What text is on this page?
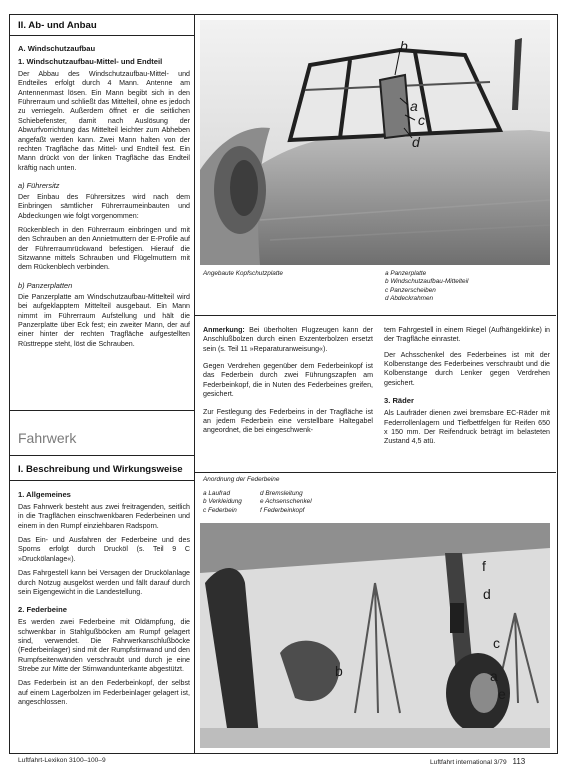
II. Ab- und Anbau
A. Windschutzaufbau
1. Windschutzaufbau-Mittel- und Endteil

Der Abbau des Windschutzaufbau-Mittel- und Endteiles erfolgt durch 4 Mann. Antenne am Antennenmast lösen. Ein Mann begibt sich in den Führerraum und schließt das Mittelteil, ohne es jedoch zu verriegeln. Außerdem öffnet er die seitlichen Schiebefenster, damit nach Auslösung der Abwurfvorrichtung das Mittelteil leichter zum Abheben angefaßt werden kann. Zwei Mann halten von der rechten Tragfläche das Mittel- und Endteil fest. Ein Mann drückt von der linken Tragfläche das Endteil kräftig nach unten.

a) Führersitz

Der Einbau des Führersitzes wird nach dem Einbringen sämtlicher Führerraumeinbauten und Abdeckungen wie folgt vorgenommen:

Rückenblech in den Führerraum einbringen und mit den Schrauben an den Annietmuttern der E-Profile auf der Führerraumrückwand befestigen. Hierauf die Sitzwanne mittels Schrauben und Flügelmuttern mit dem Rückenblech verbinden.

b) Panzerplatten

Die Panzerplatte am Windschutzaufbau-Mittelteil wird bei aufgeklapptem Mittelteil ausgebaut. Ein Mann nimmt im Führerraum Aufstellung und hält die Panzerplatte über Eck fest; ein zweiter Mann, der auf einer hinter der rechten Tragfläche aufgestellten Rüsttreppe steht, löst die Schrauben.

Fahrwerk
I. Beschreibung und Wirkungsweise
1. Allgemeines

Das Fahrwerk besteht aus zwei freitragenden, seitlich in die Tragflächen einschwenkbaren Federbeinen und einem in den Rumpf einziehbaren Radsporn.

Das Ein- und Ausfahren der Federbeine und des Sporns erfolgt durch Drucköl (s. Teil 9 C »Druckölanlage«).

Das Fahrgestell kann bei Versagen der Druckölanlage durch Notzug ausgelöst werden und fällt darauf durch sein Eigengewicht in die Landestellung.

2. Federbeine

Es werden zwei Federbeine mit Oldämpfung, die schwenkbar in Stahlgußböcken am Rumpf gelagert sind, verwendet. Die Fahrwerkanschlußböcke (Federbeinlager) sind mit der Rumpfstirnwand und den Rumpfseitenwänden verschraubt und durch je eine Strebe zur Mitte der Stirnwandunterkante abgestützt.

Das Federbein ist an den Federbeinkopf, der selbst auf einem Lagerbolzen im Federbeinlager gelagert ist, angeschlossen.

b
a
c
d
Angebaute Kopfschutzplatte	a Panzerplatte
b Windschutzaufbau-Mittelteil
c Panzerscheiben
d Abdeckrahmen

Anmerkung: Bei überholten Flugzeugen kann der Anschlußbolzen durch einen Exzenterbolzen ersetzt sein (s. Teil 11 »Reparaturanweisung«).

Gegen Verdrehen gegenüber dem Federbeinkopf ist das Federbein durch zwei Führungszapfen am Federbeinkopf, die in Nuten des Federbeines greifen, gesichert.

Zur Festlegung des Federbeins in der Tragfläche ist an jedem Federbein eine verstellbare Haltegabel angeordnet, die bei eingeschwenk-

tem Fahrgestell in einem Riegel (Aufhängeklinke) in der Tragfläche einrastet.

Der Achsschenkel des Federbeines ist mit der Kolbenstange des Federbeines verschraubt und die Kolbenstange durch Lenker gegen Verdrehen gesichert.

3. Räder

Als Laufräder dienen zwei bremsbare EC-Räder mit Federrollenlagern und Tiefbettfelgen für Reifen 650 x 150 mm. Der Reifendruck beträgt im belasteten Zustand 4,5 atü.

Anordnung der Federbeine
a Laufrad
b Verkleidung
c Federbein
d Bremsleitung
e Achsenschenkel
f Federbeinkopf
f
d
c
b	a
e
Luftfahrt-Lexikon 3100–100–9	Luftfahrt international 3/79 113
